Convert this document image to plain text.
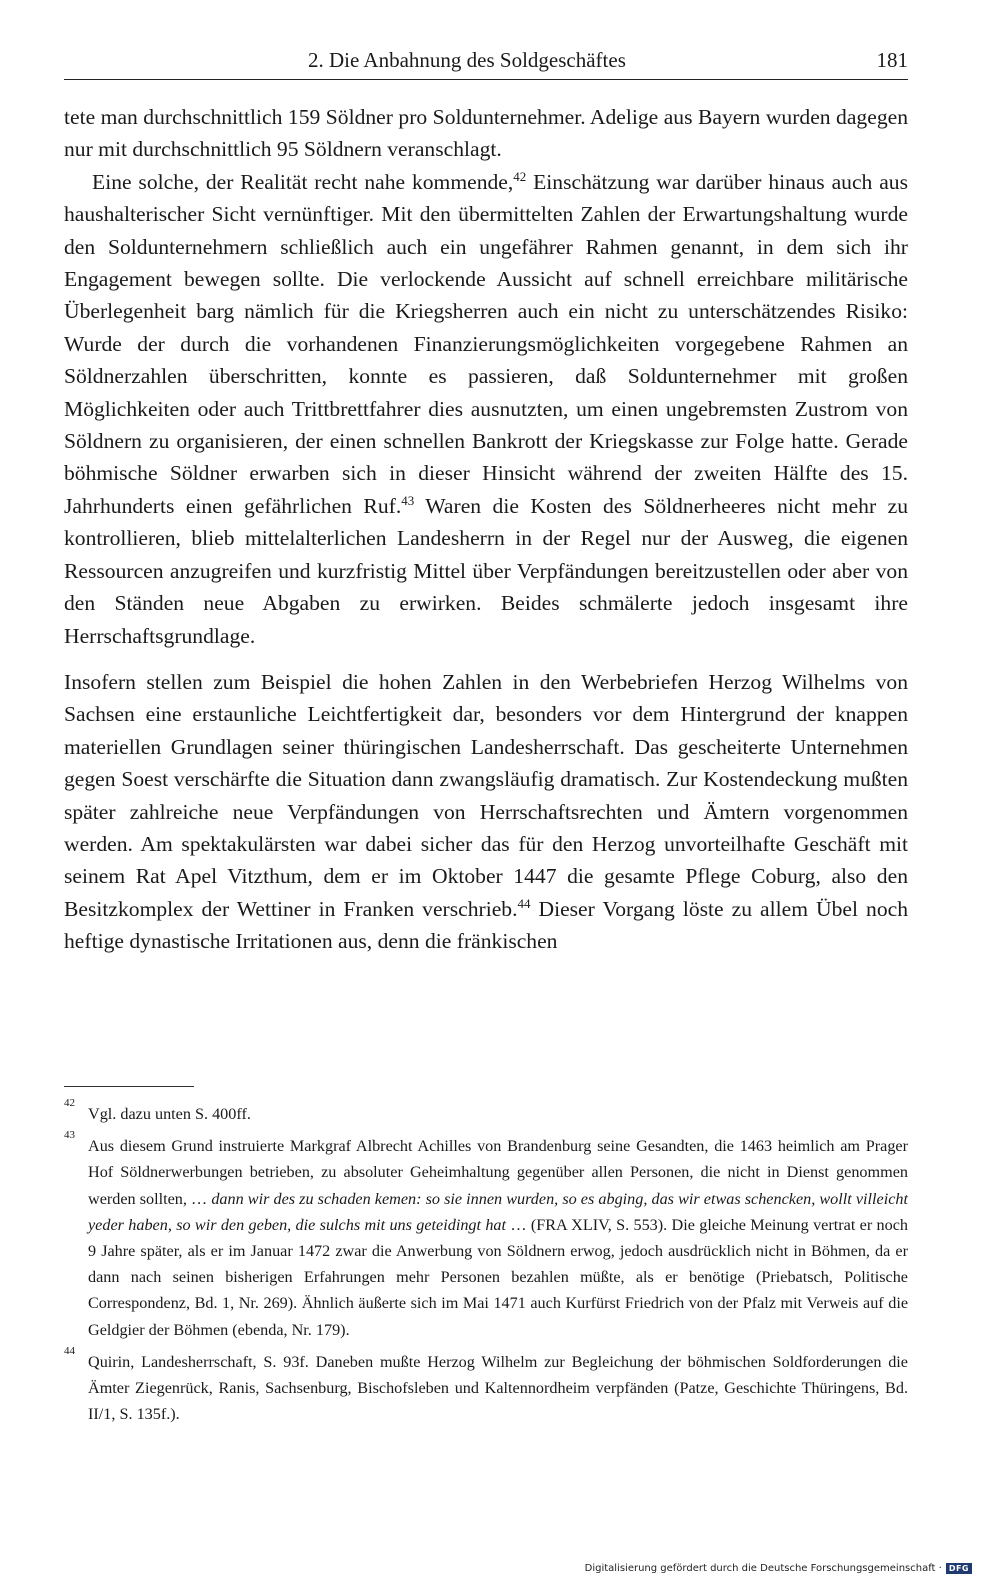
2. Die Anbahnung des Soldgeschäftes	181

tete man durchschnittlich 159 Söldner pro Soldunternehmer. Adelige aus Bayern wurden dagegen nur mit durchschnittlich 95 Söldnern veranschlagt.

Eine solche, der Realität recht nahe kommende,$^{42}$ Einschätzung war darüber hinaus auch aus haushalterischer Sicht vernünftiger. Mit den übermittelten Zahlen der Erwartungshaltung wurde den Soldunternehmern schließlich auch ein ungefährer Rahmen genannt, in dem sich ihr Engagement bewegen sollte. Die verlockende Aussicht auf schnell erreichbare militärische Überlegenheit barg nämlich für die Kriegsherren auch ein nicht zu unterschätzendes Risiko: Wurde der durch die vorhandenen Finanzierungsmöglichkeiten vorgegebene Rahmen an Söldnerzahlen überschritten, konnte es passieren, daß Soldunternehmer mit großen Möglichkeiten oder auch Trittbrettfahrer dies ausnutzten, um einen ungebremsten Zustrom von Söldnern zu organisieren, der einen schnellen Bankrott der Kriegskasse zur Folge hatte. Gerade böhmische Söldner erwarben sich in dieser Hinsicht während der zweiten Hälfte des 15. Jahrhunderts einen gefährlichen Ruf.$^{43}$ Waren die Kosten des Söldnerheeres nicht mehr zu kontrollieren, blieb mittelalterlichen Landesherrn in der Regel nur der Ausweg, die eigenen Ressourcen anzugreifen und kurzfristig Mittel über Verpfändungen bereitzustellen oder aber von den Ständen neue Abgaben zu erwirken. Beides schmälerte jedoch insgesamt ihre Herrschaftsgrundlage.

Insofern stellen zum Beispiel die hohen Zahlen in den Werbebriefen Herzog Wilhelms von Sachsen eine erstaunliche Leichtfertigkeit dar, besonders vor dem Hintergrund der knappen materiellen Grundlagen seiner thüringischen Landesherrschaft. Das gescheiterte Unternehmen gegen Soest verschärfte die Situation dann zwangsläufig dramatisch. Zur Kostendeckung mußten später zahlreiche neue Verpfändungen von Herrschaftsrechten und Ämtern vorgenommen werden. Am spektakulärsten war dabei sicher das für den Herzog unvorteilhafte Geschäft mit seinem Rat Apel Vitzthum, dem er im Oktober 1447 die gesamte Pflege Coburg, also den Besitzkomplex der Wettiner in Franken verschrieb.$^{44}$ Dieser Vorgang löste zu allem Übel noch heftige dynastische Irritationen aus, denn die fränkischen

42
Vgl. dazu unten S. 400ff.
43
Aus diesem Grund instruierte Markgraf Albrecht Achilles von Brandenburg seine Gesandten, die 1463 heimlich am Prager Hof Söldnerwerbungen betrieben, zu absoluter Geheimhaltung gegenüber allen Personen, die nicht in Dienst genommen werden sollten, … dann wir des zu schaden kemen: so sie innen wurden, so es abging, das wir etwas schencken, wollt villeicht yeder haben, so wir den geben, die sulchs mit uns geteidingt hat … (FRA XLIV, S. 553). Die gleiche Meinung vertrat er noch 9 Jahre später, als er im Januar 1472 zwar die Anwerbung von Söldnern erwog, jedoch ausdrücklich nicht in Böhmen, da er dann nach seinen bisherigen Erfahrungen mehr Personen bezahlen müßte, als er benötige (Priebatsch, Politische Correspondenz, Bd. 1, Nr. 269). Ähnlich äußerte sich im Mai 1471 auch Kurfürst Friedrich von der Pfalz mit Verweis auf die Geldgier der Böhmen (ebenda, Nr. 179).
44
Quirin, Landesherrschaft, S. 93f. Daneben mußte Herzog Wilhelm zur Begleichung der böhmischen Soldforderungen die Ämter Ziegenrück, Ranis, Sachsenburg, Bischofsleben und Kaltennordheim verpfänden (Patze, Geschichte Thüringens, Bd. II/1, S. 135f.).
Digitalisierung gefördert durch die Deutsche Forschungsgemeinschaft · DFG
